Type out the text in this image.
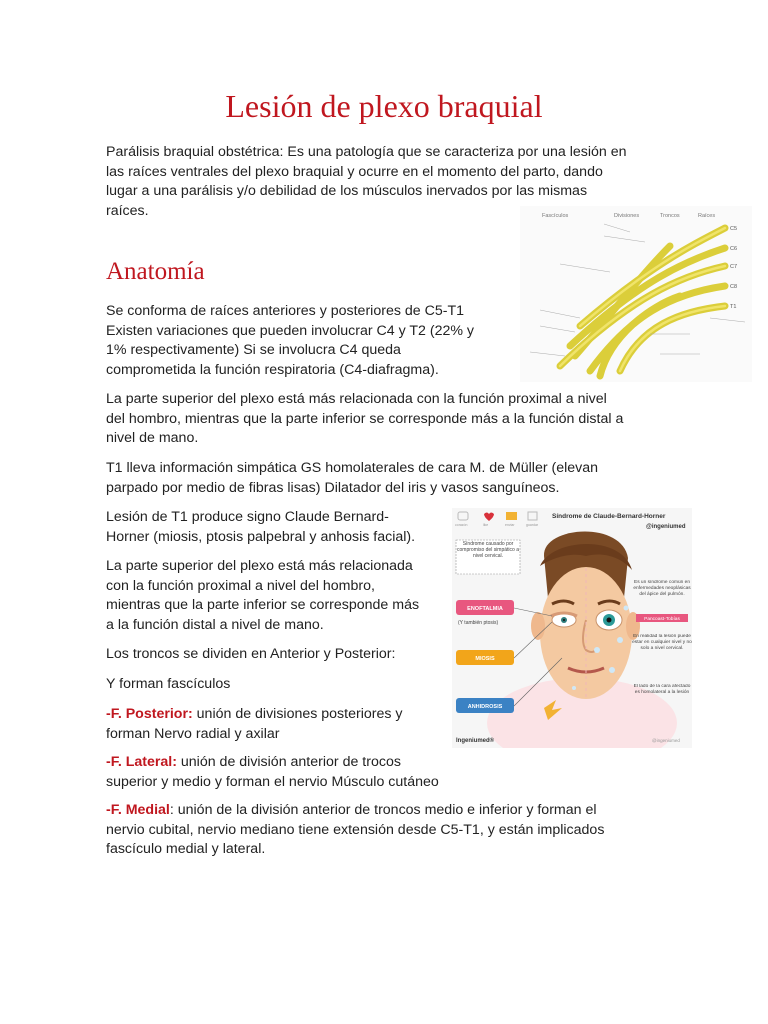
Lesión de plexo braquial

Parálisis braquial obstétrica: Es una patología que se caracteriza por una lesión en
las raíces ventrales del plexo braquial y ocurre en el momento del parto, dando
lugar a una parálisis y/o debilidad de los músculos inervados por las mismas
raíces.	Fascículos	Divisiones	Troncos	Raíces
C5
C6
C7
C8
T1
Anatomía

Se conforma de raíces anteriores y posteriores de C5-T1
Existen variaciones que pueden involucrar C4 y T2 (22% y
1% respectivamente) Si se involucra C4 queda
comprometida la función respiratoria (C4-diafragma).

La parte superior del plexo está más relacionada con la función proximal a nivel
del hombro, mientras que la parte inferior se corresponde más a la función distal a
nivel de mano.

T1 lleva información simpática GS homolaterales de cara M. de Müller (elevan
parpado por medio de fibras lisas) Dilatador del iris y vasos sanguíneos.

Lesión de T1 produce signo Claude Bernard-
Horner (miosis, ptosis palpebral y anhosis facial).

La parte superior del plexo está más relacionada
con la función proximal a nivel del hombro,
mientras que la parte inferior se corresponde más
a la función distal a nivel de mano.

Los troncos se dividen en Anterior y Posterior:

Y forman fascículos

-F. Posterior: unión de divisiones posteriores y
forman Nervo radial y axilar

-F. Lateral: unión de división anterior de trocos
superior y medio y forman el nervio Músculo cutáneo

-F. Medial: unión de la división anterior de troncos medio e inferior y forman el
nervio cubital, nervio mediano tiene extensión desde C5-T1, y están implicados
fascículo medial y lateral.

corazón	like	enviar	guardar
Síndrome de Claude-Bernard-Horner
@ingeniumed
Síndrome causado por compromiso del simpático a nivel cervical.
ENOFTALMIA
(Y también ptosis)
MIOSIS
ANHIDROSIS
Es un síndrome común en enfermedades neoplásicas del ápice del pulmón.
Pancoast-Tobías
En realidad la lesión puede estar en cualquier nivel y no solo a nivel cervical.
El lado de la cara afectado es homolateral a la lesión
Ingeniumed®	@ingeniumed
